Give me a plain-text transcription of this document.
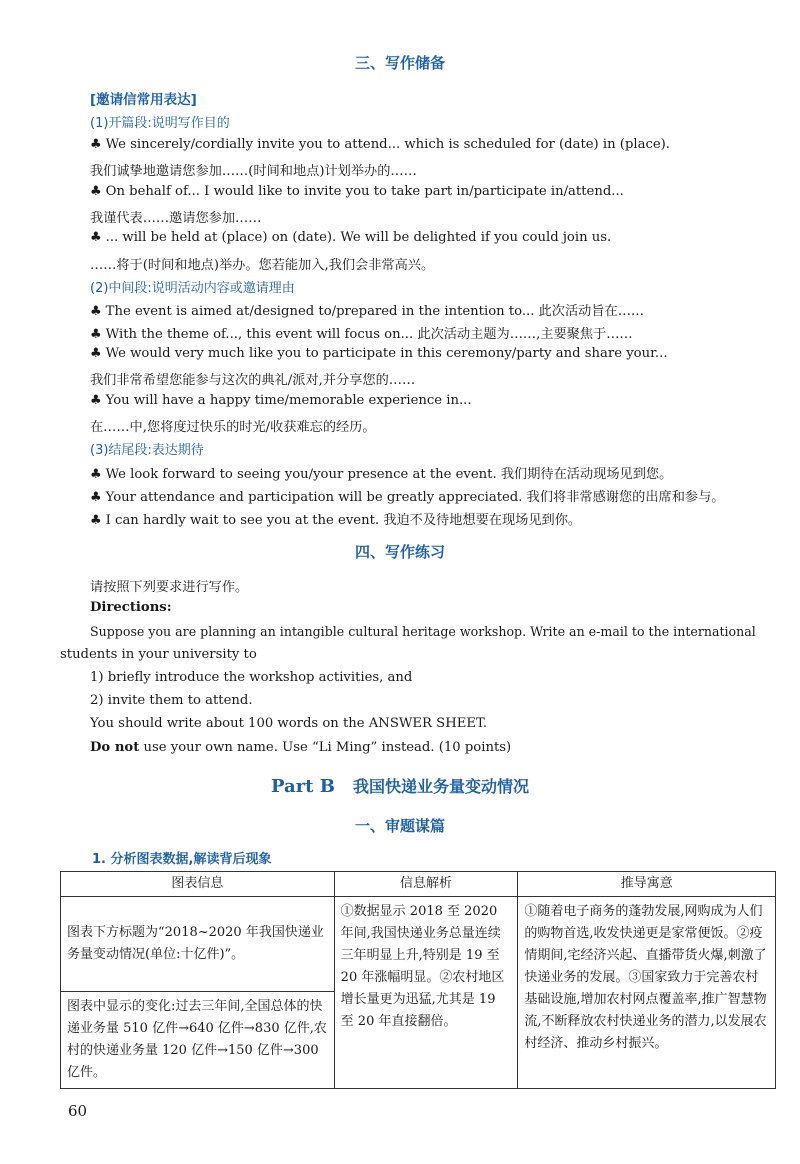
三、写作储备
[邀请信常用表达]
(1)开篇段:说明写作目的
♣ We sincerely/cordially invite you to attend... which is scheduled for (date) in (place).
我们诚挚地邀请您参加……(时间和地点)计划举办的……
♣ On behalf of... I would like to invite you to take part in/participate in/attend...
我谨代表……邀请您参加……
♣ ... will be held at (place) on (date). We will be delighted if you could join us.
……将于(时间和地点)举办。您若能加入,我们会非常高兴。
(2)中间段:说明活动内容或邀请理由
♣ The event is aimed at/designed to/prepared in the intention to... 此次活动旨在……
♣ With the theme of..., this event will focus on... 此次活动主题为……,主要聚焦于……
♣ We would very much like you to participate in this ceremony/party and share your...
我们非常希望您能参与这次的典礼/派对,并分享您的……
♣ You will have a happy time/memorable experience in...
在……中,您将度过快乐的时光/收获难忘的经历。
(3)结尾段:表达期待
♣ We look forward to seeing you/your presence at the event. 我们期待在活动现场见到您。
♣ Your attendance and participation will be greatly appreciated. 我们将非常感谢您的出席和参与。
♣ I can hardly wait to see you at the event. 我迫不及待地想要在现场见到你。
四、写作练习
请按照下列要求进行写作。
Directions:
Suppose you are planning an intangible cultural heritage workshop. Write an e-mail to the international
students in your university to
1) briefly introduce the workshop activities, and
2) invite them to attend.
You should write about 100 words on the ANSWER SHEET.
Do not use your own name. Use “Li Ming” instead. (10 points)
Part B 我国快递业务量变动情况
一、审题谋篇
1. 分析图表数据,解读背后现象
图表信息	信息解析	推导寓意
图表下方标题为“2018~2020 年我国快递业务量变动情况(单位:十亿件)”。	①数据显示 2018 至 2020 年间,我国快递业务总量连续三年明显上升,特别是 19 至 20 年涨幅明显。②农村地区增长量更为迅猛,尤其是 19 至 20 年直接翻倍。	①随着电子商务的蓬勃发展,网购成为人们的购物首选,收发快递更是家常便饭。②疫情期间,宅经济兴起、直播带货火爆,刺激了快递业务的发展。③国家致力于完善农村基础设施,增加农村网点覆盖率,推广智慧物流,不断释放农村快递业务的潜力,以发展农村经济、推动乡村振兴。
图表中显示的变化:过去三年间,全国总体的快递业务量 510 亿件→640 亿件→830 亿件,农村的快递业务量 120 亿件→150 亿件→300 亿件。		
60
